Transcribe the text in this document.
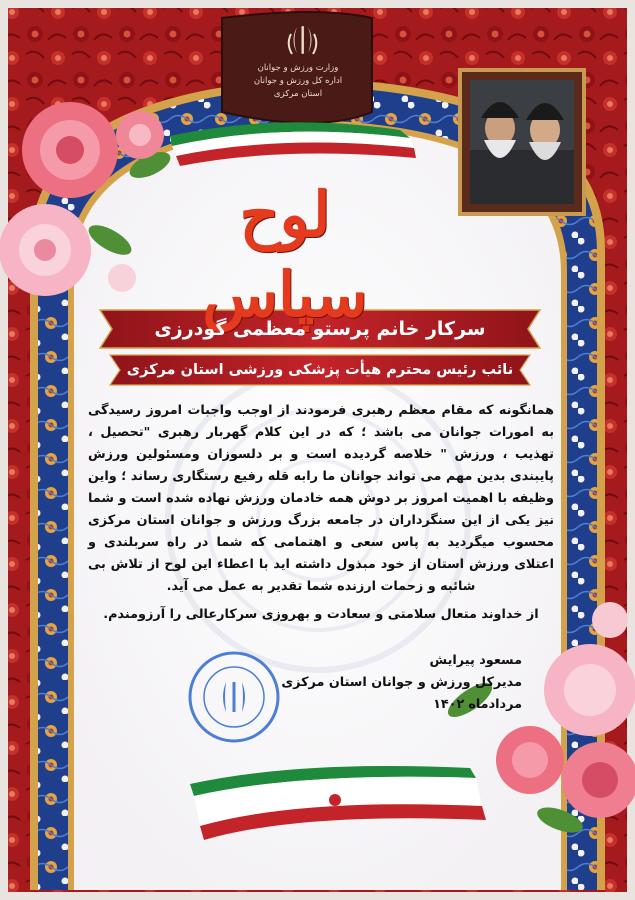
وزارت ورزش و جوانان
اداره کل ورزش و جوانان
استان مرکزی
لوح سپاس
سرکار خانم پرستو معظمی گودرزی
نائب رئیس محترم هیأت پزشکی ورزشی استان مرکزی
همانگونه که مقام معظم رهبری فرمودند از اوجب واجبات امروز رسیدگی به امورات جوانان می باشد ؛ که در این کلام گهربار رهبری "تحصیل ، تهذیب ، ورزش " خلاصه گردیده است و بر دلسوزان ومسئولین ورزش پایبندی بدین مهم می تواند جوانان ما رابه قله رفیع رستگاری رساند ؛ واین وظیفه با اهمیت امروز بر دوش همه خادمان ورزش نهاده شده است و شما نیز یکی از این سنگرداران در جامعه بزرگ ورزش و جوانان استان مرکزی محسوب میگردید به پاس سعی و اهتمامی که شما در راه سربلندی و اعتلای ورزش استان از خود مبذول داشته اید با اعطاء این لوح از تلاش بی شائبه و زحمات ارزنده شما تقدیر به عمل می آید.
از خداوند متعال سلامتی و سعادت و بهروزی سرکارعالی را آرزومندم.
مسعود پیرایش
مدیرکل ورزش و جوانان استان مرکزی
مردادماه
۱۴۰۲
